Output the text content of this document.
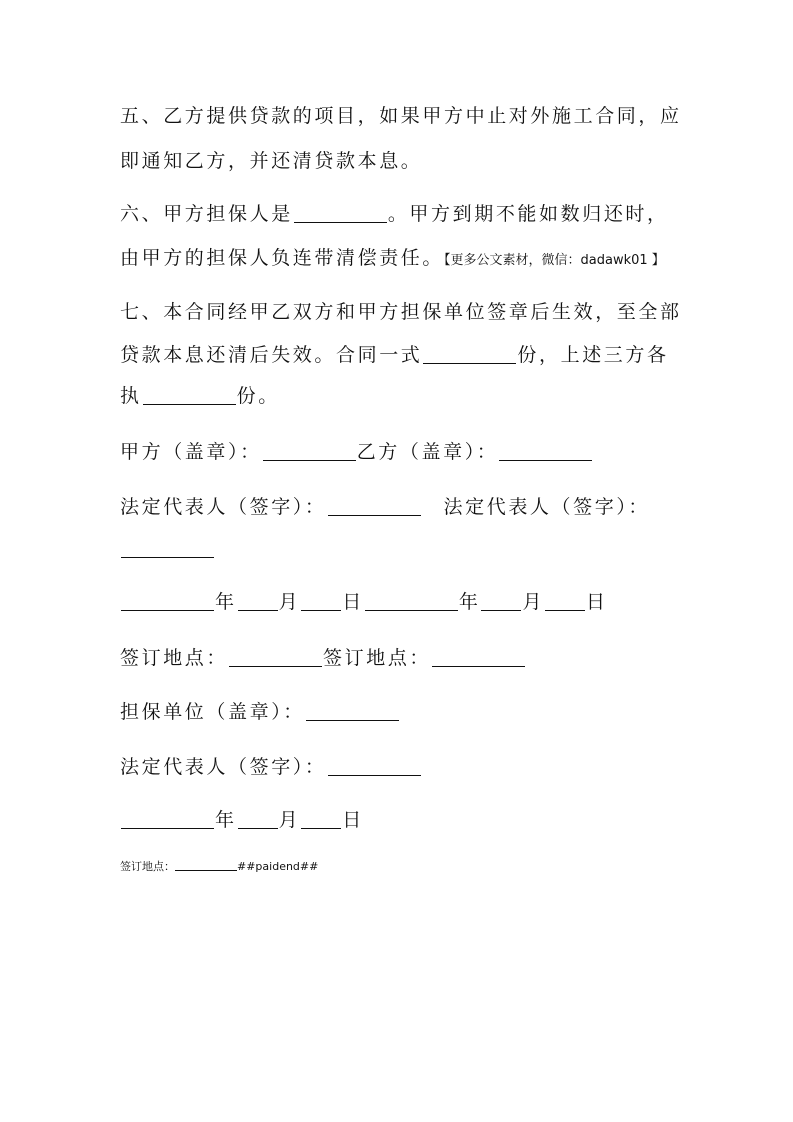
五、乙方提供贷款的项目，如果甲方中止对外施工合同，应
即通知乙方，并还清贷款本息。
六、甲方担保人是	。甲方到期不能如数归还时，
由甲方的担保人负连带清偿责任。【更多公文素材，微信：dadawk01 】
七、本合同经甲乙双方和甲方担保单位签章后生效，至全部
贷款本息还清后失效。合同一式	份，上述三方各
执	份。
甲方（盖章）：	乙方（盖章）：
法定代表人（签字）：	法定代表人（签字）：
年 月 日	年 月 日
签订地点：	签订地点：
担保单位（盖章）：
法定代表人（签字）：
年 月 日
签订地点：	##paidend##
